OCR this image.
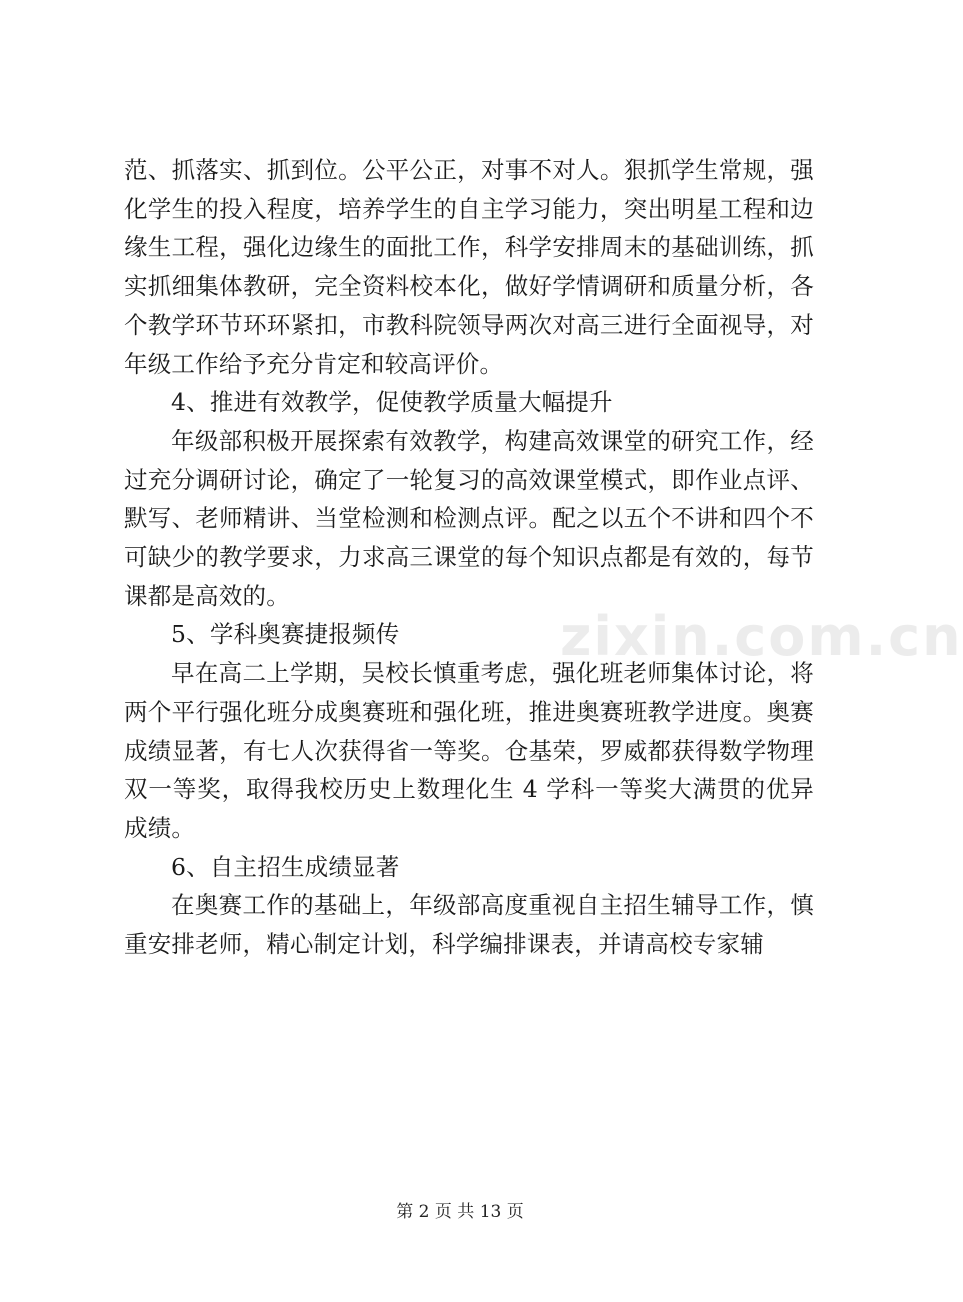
范、抓落实、抓到位。公平公正，对事不对人。狠抓学生常规，强化学生的投入程度，培养学生的自主学习能力，突出明星工程和边缘生工程，强化边缘生的面批工作，科学安排周末的基础训练，抓实抓细集体教研，完全资料校本化，做好学情调研和质量分析，各个教学环节环环紧扣，市教科院领导两次对高三进行全面视导，对年级工作给予充分肯定和较高评价。

4、推进有效教学，促使教学质量大幅提升

年级部积极开展探索有效教学，构建高效课堂的研究工作，经过充分调研讨论，确定了一轮复习的高效课堂模式，即作业点评、默写、老师精讲、当堂检测和检测点评。配之以五个不讲和四个不可缺少的教学要求，力求高三课堂的每个知识点都是有效的，每节课都是高效的。

5、学科奥赛捷报频传

早在高二上学期，吴校长慎重考虑，强化班老师集体讨论，将两个平行强化班分成奥赛班和强化班，推进奥赛班教学进度。奥赛成绩显著，有七人次获得省一等奖。仓基荣，罗威都获得数学物理双一等奖，取得我校历史上数理化生 4 学科一等奖大满贯的优异成绩。

6、自主招生成绩显著

在奥赛工作的基础上，年级部高度重视自主招生辅导工作，慎重安排老师，精心制定计划，科学编排课表，并请高校专家辅

zixin.com.cn
第 2 页 共 13 页
